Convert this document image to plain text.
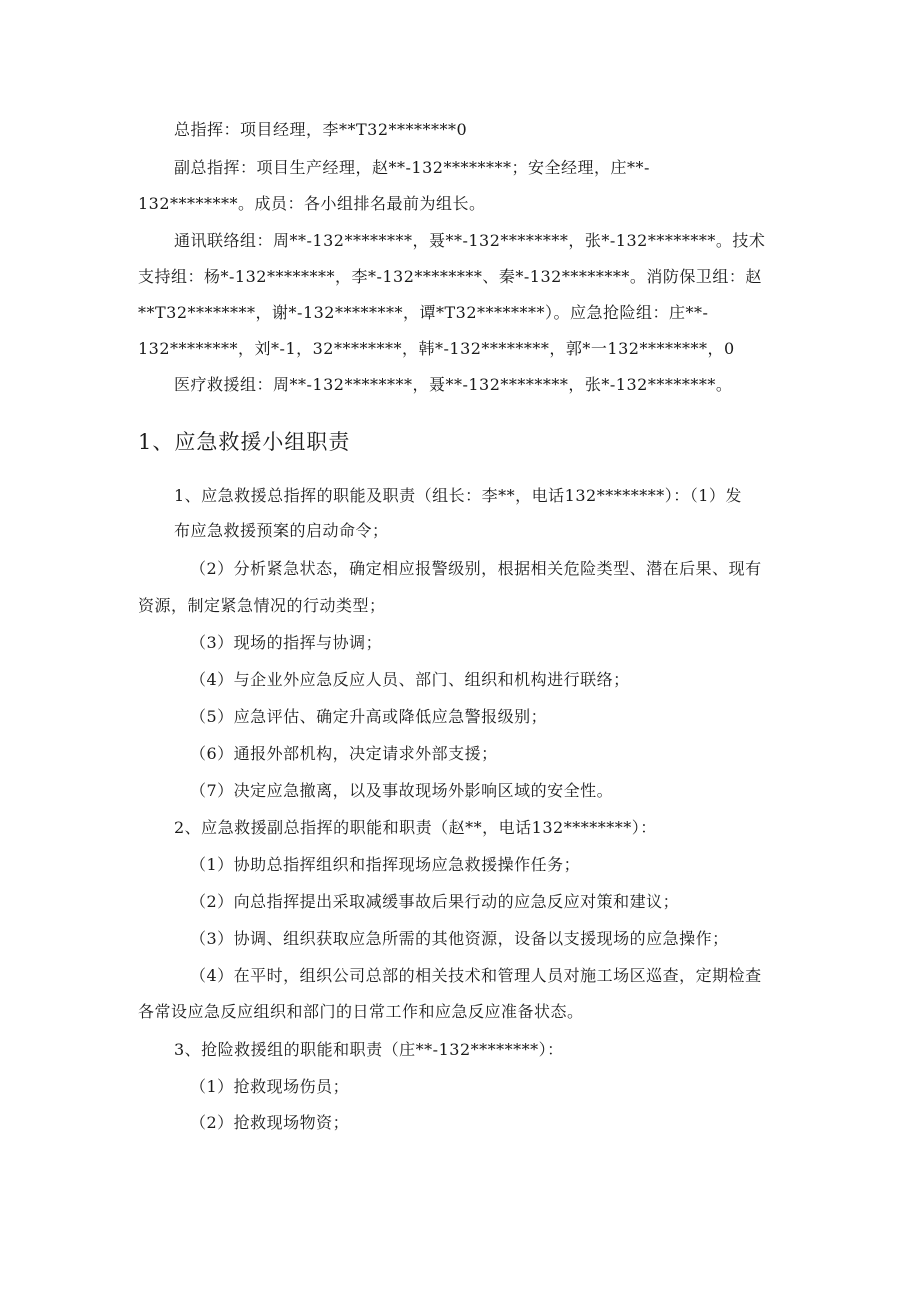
总指挥：项目经理，李**T32********0
副总指挥：项目生产经理，赵**-132********；安全经理，庄**-
132********。成员：各小组排名最前为组长。
通讯联络组：周**-132********，聂**-132********，张*-132********。技术
支持组：杨*-132********，李*-132********、秦*-132********。消防保卫组：赵
**T32********，谢*-132********，谭*T32********）。应急抢险组：庄**-
132********，刘*-1，32********，韩*-132********，郭*一132********，0
医疗救援组：周**-132********，聂**-132********，张*-132********。
1、应急救援小组职责
1、应急救援总指挥的职能及职责（组长：李**，电话132********）：（1）发
布应急救援预案的启动命令；
（2）分析紧急状态，确定相应报警级别，根据相关危险类型、潜在后果、现有
资源，制定紧急情况的行动类型；
（3）现场的指挥与协调；
（4）与企业外应急反应人员、部门、组织和机构进行联络；
（5）应急评估、确定升高或降低应急警报级别；
（6）通报外部机构，决定请求外部支援；
（7）决定应急撤离，以及事故现场外影响区域的安全性。
2、应急救援副总指挥的职能和职责（赵**，电话132********）：
（1）协助总指挥组织和指挥现场应急救援操作任务；
（2）向总指挥提出采取减缓事故后果行动的应急反应对策和建议；
（3）协调、组织获取应急所需的其他资源，设备以支援现场的应急操作；
（4）在平时，组织公司总部的相关技术和管理人员对施工场区巡查，定期检查
各常设应急反应组织和部门的日常工作和应急反应准备状态。
3、抢险救援组的职能和职责（庄**-132********）：
（1）抢救现场伤员；
（2）抢救现场物资；
